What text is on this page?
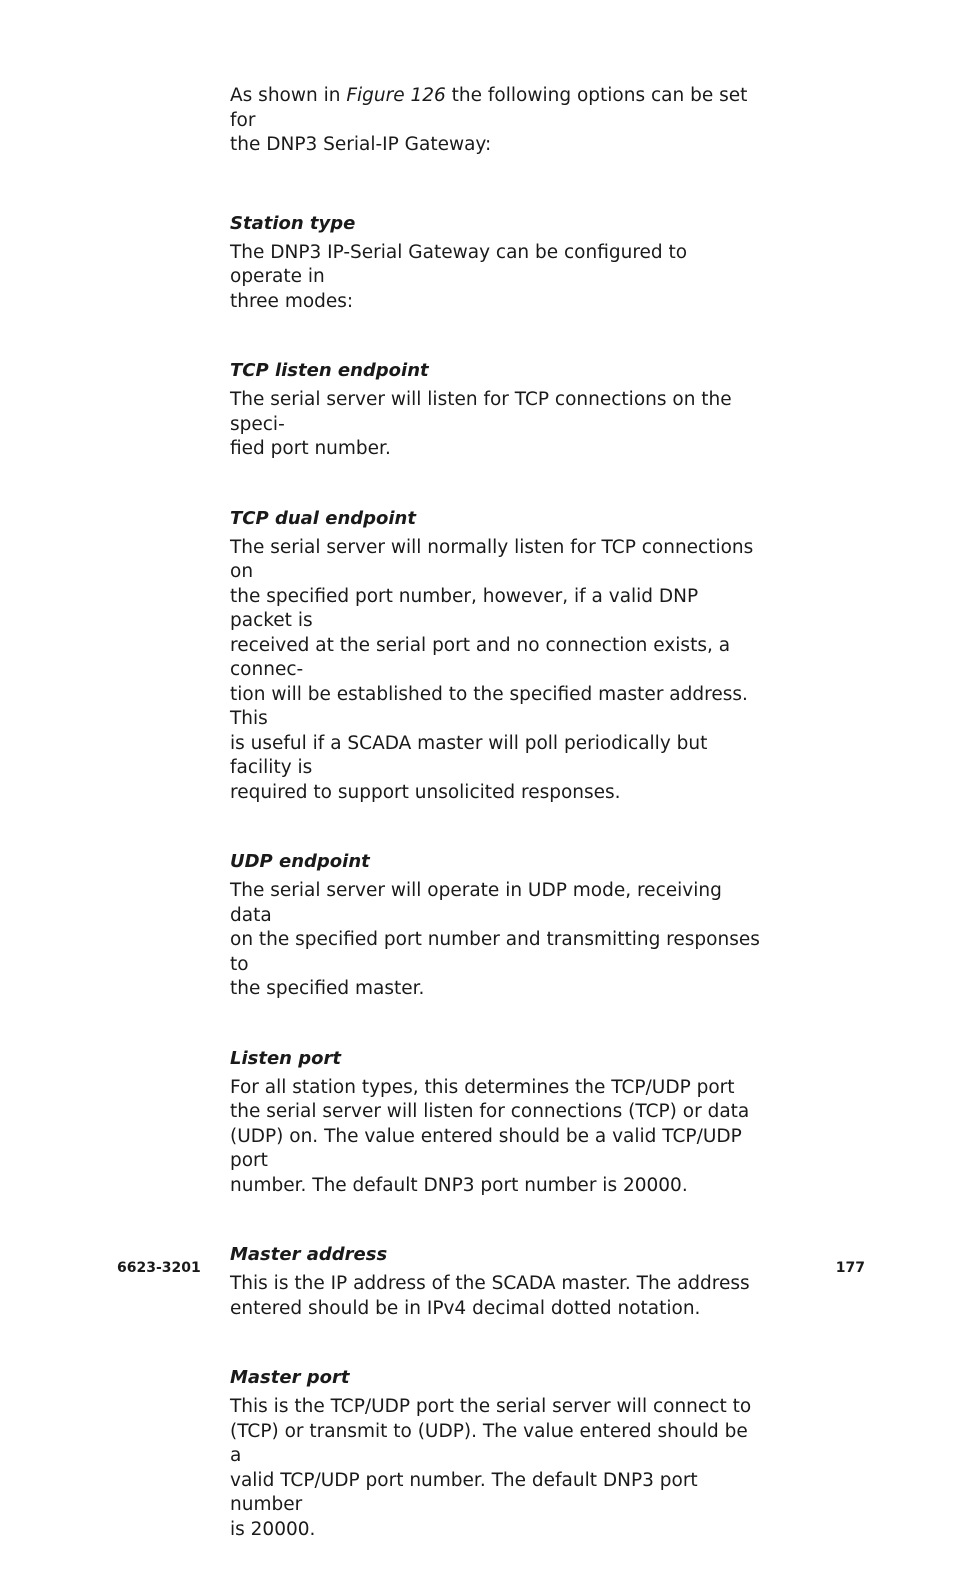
As shown in Figure 126 the following options can be set for
the DNP3 Serial-IP Gateway:

Station type

The DNP3 IP-Serial Gateway can be configured to operate in
three modes:

TCP listen endpoint

The serial server will listen for TCP connections on the speci-
fied port number.

TCP dual endpoint

The serial server will normally listen for TCP connections on
the specified port number, however, if a valid DNP packet is
received at the serial port and no connection exists, a connec-
tion will be established to the specified master address. This
is useful if a SCADA master will poll periodically but facility is
required to support unsolicited responses.

UDP endpoint

The serial server will operate in UDP mode, receiving data
on the specified port number and transmitting responses to
the specified master.

Listen port

For all station types, this determines the TCP/UDP port
the serial server will listen for connections (TCP) or data
(UDP) on. The value entered should be a valid TCP/UDP port
number. The default DNP3 port number is 20000.

Master address

This is the IP address of the SCADA master. The address
entered should be in IPv4 decimal dotted notation.

Master port

This is the TCP/UDP port the serial server will connect to
(TCP) or transmit to (UDP). The value entered should be a
valid TCP/UDP port number. The default DNP3 port number
is 20000.

6623-3201	177
